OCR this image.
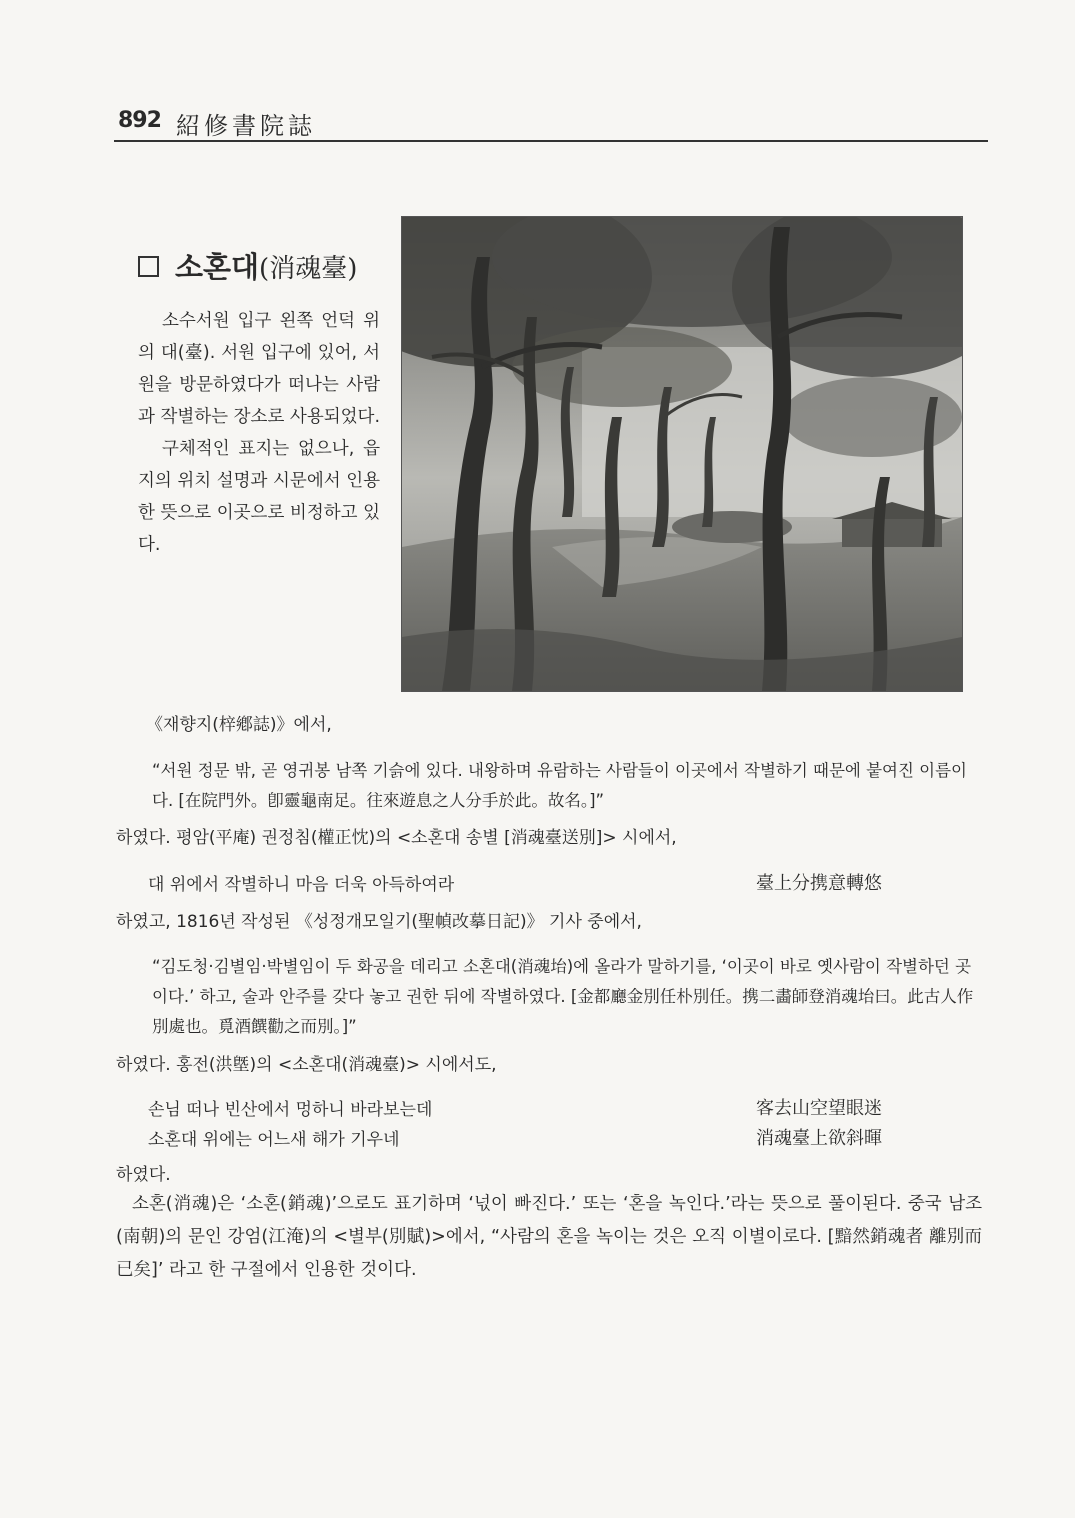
892 紹修書院誌
소혼대(消魂臺)

소수서원 입구 왼쪽 언덕 위의 대(臺). 서원 입구에 있어, 서원을 방문하였다가 떠나는 사람과 작별하는 장소로 사용되었다.

구체적인 표지는 없으나, 읍지의 위치 설명과 시문에서 인용한 뜻으로 이곳으로 비정하고 있다.

《재향지(梓鄕誌)》에서,
“서원 정문 밖, 곧 영귀봉 남쪽 기슭에 있다. 내왕하며 유람하는 사람들이 이곳에서 작별하기 때문에 붙여진 이름이다. [在院門外。卽靈龜南足。往來遊息之人分手於此。故名。]”
하였다. 평암(平庵) 권정침(權正忱)의 <소혼대 송별 [消魂臺送別]> 시에서,
대 위에서 작별하니 마음 더욱 아득하여라	臺上分携意轉悠
하였고, 1816년 작성된 《성정개모일기(聖幀改摹日記)》 기사 중에서,
“김도청·김별임·박별임이 두 화공을 데리고 소혼대(消魂坮)에 올라가 말하기를, ‘이곳이 바로 옛사람이 작별하던 곳이다.’ 하고, 술과 안주를 갖다 놓고 권한 뒤에 작별하였다. [金都廳金別任朴別任。携二畵師登消魂坮曰。此古人作別處也。覓酒饌勸之而別。]”
하였다. 홍전(洪墍)의 <소혼대(消魂臺)> 시에서도,
손님 떠나 빈산에서 멍하니 바라보는데	客去山空望眼迷
소혼대 위에는 어느새 해가 기우네	消魂臺上欲斜暉
하였다.
소혼(消魂)은 ‘소혼(銷魂)’으로도 표기하며 ‘넋이 빠진다.’ 또는 ‘혼을 녹인다.’라는 뜻으로 풀이된다. 중국 남조(南朝)의 문인 강엄(江淹)의 <별부(別賦)>에서, “사람의 혼을 녹이는 것은 오직 이별이로다. [黯然銷魂者 離別而已矣]’ 라고 한 구절에서 인용한 것이다.
